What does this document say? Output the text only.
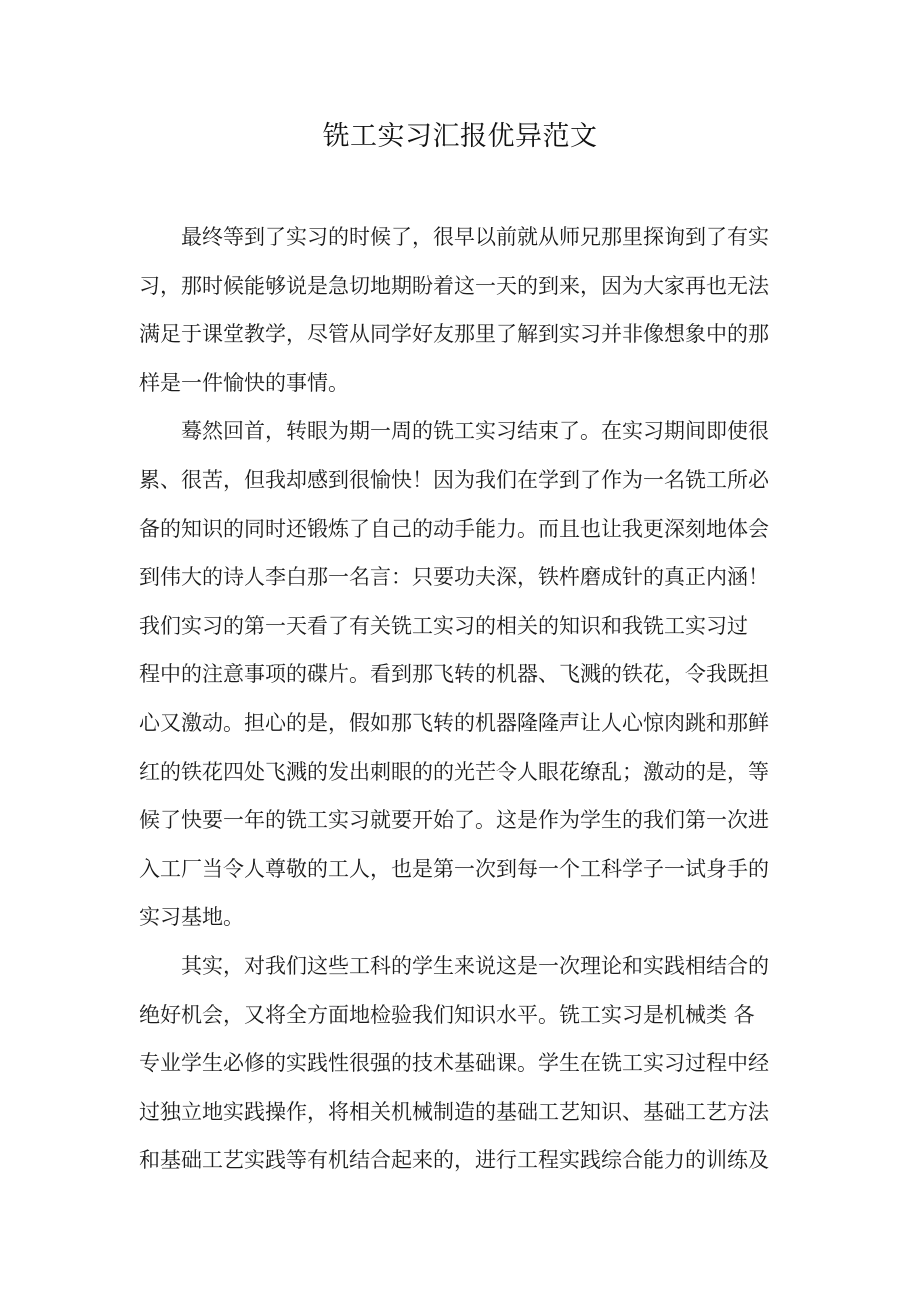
铣工实习汇报优异范文

最终等到了实习的时候了，很早以前就从师兄那里探询到了有实
习，那时候能够说是急切地期盼着这一天的到来，因为大家再也无法
满足于课堂教学，尽管从同学好友那里了解到实习并非像想象中的那
样是一件愉快的事情。

蓦然回首，转眼为期一周的铣工实习结束了。在实习期间即使很
累、很苦，但我却感到很愉快！因为我们在学到了作为一名铣工所必
备的知识的同时还锻炼了自己的动手能力。而且也让我更深刻地体会
到伟大的诗人李白那一名言：只要功夫深，铁杵磨成针的真正内涵！
我们实习的第一天看了有关铣工实习的相关的知识和我铣工实习过
程中的注意事项的碟片。看到那飞转的机器、飞溅的铁花，令我既担
心又激动。担心的是，假如那飞转的机器隆隆声让人心惊肉跳和那鲜
红的铁花四处飞溅的发出刺眼的的光芒令人眼花缭乱；激动的是，等
候了快要一年的铣工实习就要开始了。这是作为学生的我们第一次进
入工厂当令人尊敬的工人，也是第一次到每一个工科学子一试身手的
实习基地。

其实，对我们这些工科的学生来说这是一次理论和实践相结合的
绝好机会，又将全方面地检验我们知识水平。铣工实习是机械类 各
专业学生必修的实践性很强的技术基础课。学生在铣工实习过程中经
过独立地实践操作，将相关机械制造的基础工艺知识、基础工艺方法
和基础工艺实践等有机结合起来的，进行工程实践综合能力的训练及
